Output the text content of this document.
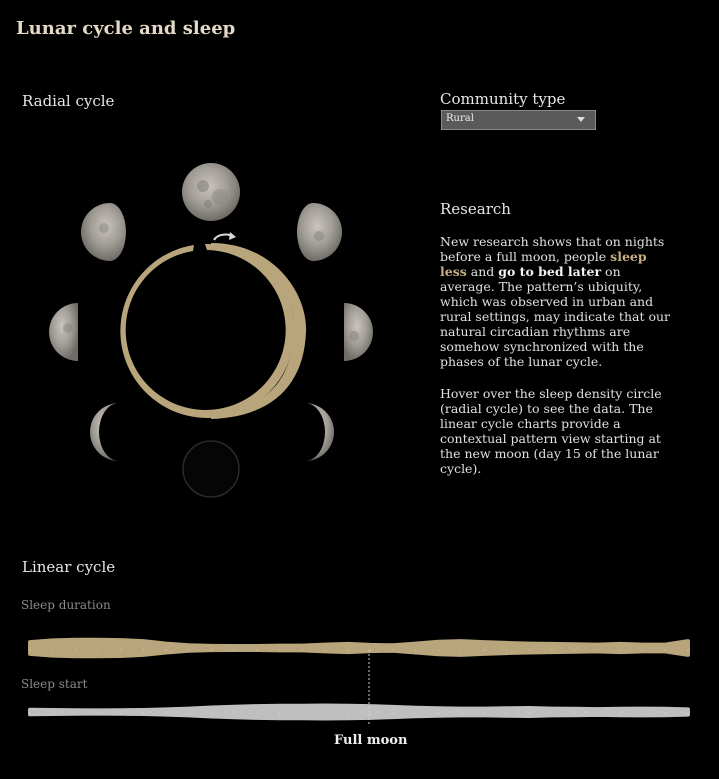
Lunar cycle and sleep
Radial cycle	Community type
Rural
Research
New research shows that on nights before a full moon, people sleep less and go to bed later on average. The pattern’s ubiquity, which was observed in urban and rural settings, may indicate that our natural circadian rhythms are somehow synchronized with the phases of the lunar cycle.
Hover over the sleep density circle (radial cycle) to see the data. The linear cycle charts provide a contextual pattern view starting at the new moon (day 15 of the lunar cycle).
Linear cycle
Sleep duration
Sleep start
Full moon
